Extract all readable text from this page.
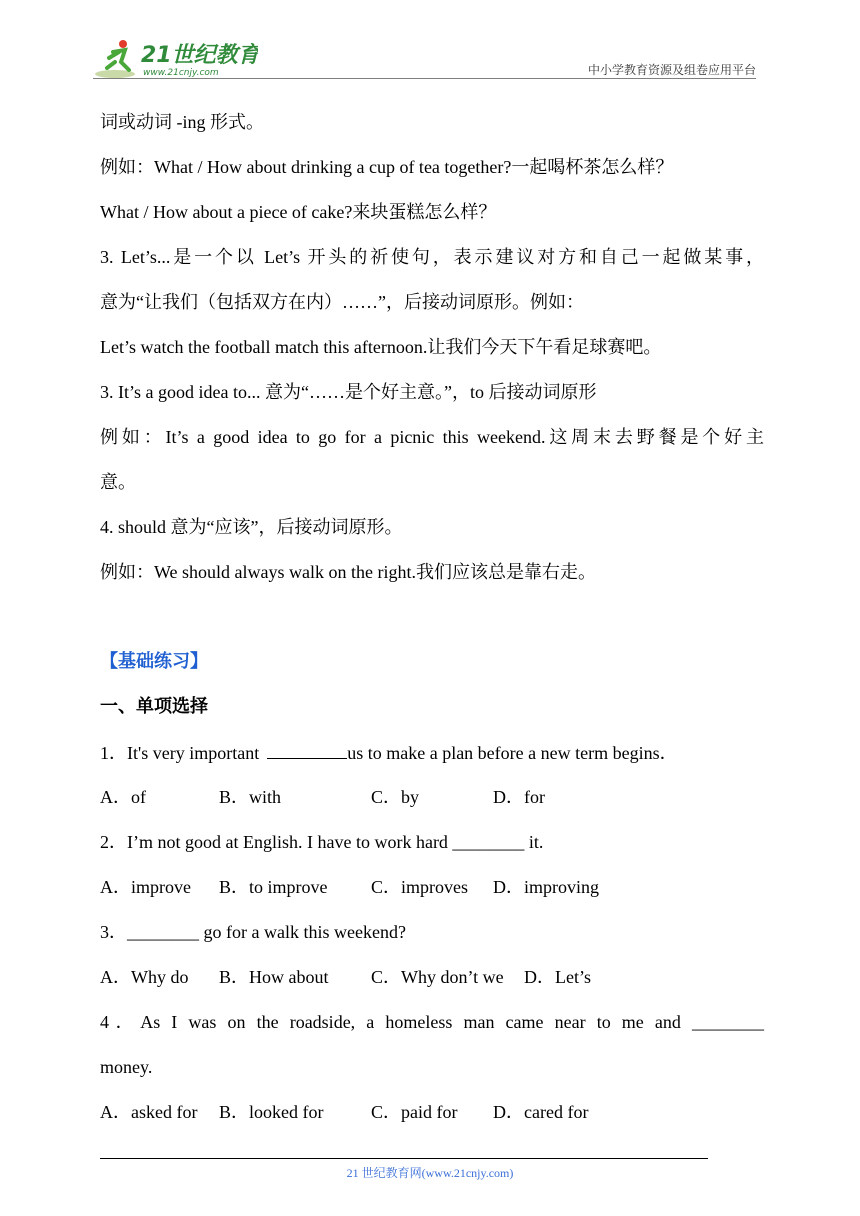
21世纪教育
www.21cnjy.com	中小学教育资源及组卷应用平台
词或动词 -ing 形式。
例如：What / How about drinking a cup of tea together?一起喝杯茶怎么样？
What / How about a piece of cake?来块蛋糕怎么样？
3. Let’s...是一个以 Let’s 开头的祈使句，表示建议对方和自己一起做某事，
意为“让我们（包括双方在内）……”，后接动词原形。例如：
Let’s watch the football match this afternoon.让我们今天下午看足球赛吧。
3. It’s a good idea to... 意为“……是个好主意。”，to 后接动词原形
例如：It’s a good idea to go for a picnic this weekend.这周末去野餐是个好主
意。
4. should 意为“应该”，后接动词原形。
例如：We should always walk on the right.我们应该总是靠右走。
【基础练习】
一、单项选择
1．It's very important	us to make a plan before a new term begins．
A．of	B．with	C．by	D．for
2．I’m not good at English. I have to work hard ________ it.
A．improve B．to improve C．improves D．improving
3．________ go for a walk this weekend?
A．Why do B．How about C．Why don’t we D．Let’s
4．As I was on the roadside, a homeless man came near to me and ________
money.
A．asked for B．looked for	C．paid for D．cared for
21 世纪教育网(www.21cnjy.com)
